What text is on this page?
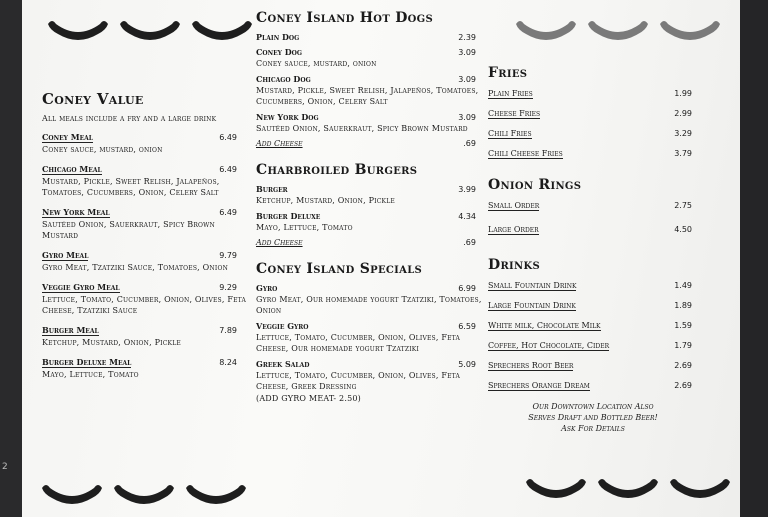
2
Coney Value
All meals include a fry and a large drink
Coney Meal	6.49
Coney sauce, mustard, onion
Chicago Meal	6.49
Mustard, Pickle, Sweet Relish, Jalapeños, Tomatoes, Cucumbers, Onion, Celery Salt
New York Meal	6.49
Sautéed Onion, Sauerkraut, Spicy Brown Mustard
Gyro Meal	9.79
Gyro Meat, Tzatziki Sauce, Tomatoes, Onion
Veggie Gyro Meal	9.29
Lettuce, Tomato, Cucumber, Onion, Olives, Feta Cheese, Tzatziki Sauce
Burger Meal	7.89
Ketchup, Mustard, Onion, Pickle
Burger Deluxe Meal	8.24
Mayo, Lettuce, Tomato
Coney Island Hot Dogs
Plain Dog	2.39
Coney Dog	3.09
Coney sauce, mustard, onion
Chicago Dog	3.09
Mustard, Pickle, Sweet Relish, Jalapeños, Tomatoes, Cucumbers, Onion, Celery Salt
New York Dog	3.09
Sautéed Onion, Sauerkraut, Spicy Brown Mustard
Add Cheese	.69
Charbroiled Burgers
Burger	3.99
Ketchup, Mustard, Onion, Pickle
Burger Deluxe	4.34
Mayo, Lettuce, Tomato
Add Cheese	.69
Coney Island Specials
Gyro	6.99
Gyro Meat, Our homemade yogurt Tzatziki, Tomatoes, Onion
Veggie Gyro	6.59
Lettuce, Tomato, Cucumber, Onion, Olives, Feta Cheese, Our homemade yogurt Tzatziki
Greek Salad	5.09
Lettuce, Tomato, Cucumber, Onion, Olives, Feta Cheese, Greek Dressing
(ADD GYRO MEAT- 2.50)
Fries
Plain Fries	1.99
Cheese Fries	2.99
Chili Fries	3.29
Chili Cheese Fries	3.79
Onion Rings
Small Order	2.75
Large Order	4.50
Drinks
Small Fountain Drink	1.49
Large Fountain Drink	1.89
White milk, Chocolate Milk	1.59
Coffee, Hot Chocolate, Cider	1.79
Sprechers Root Beer	2.69
Sprechers Orange Dream	2.69
Our Downtown Location Also
Serves Draft and Bottled Beer!
Ask For Details
